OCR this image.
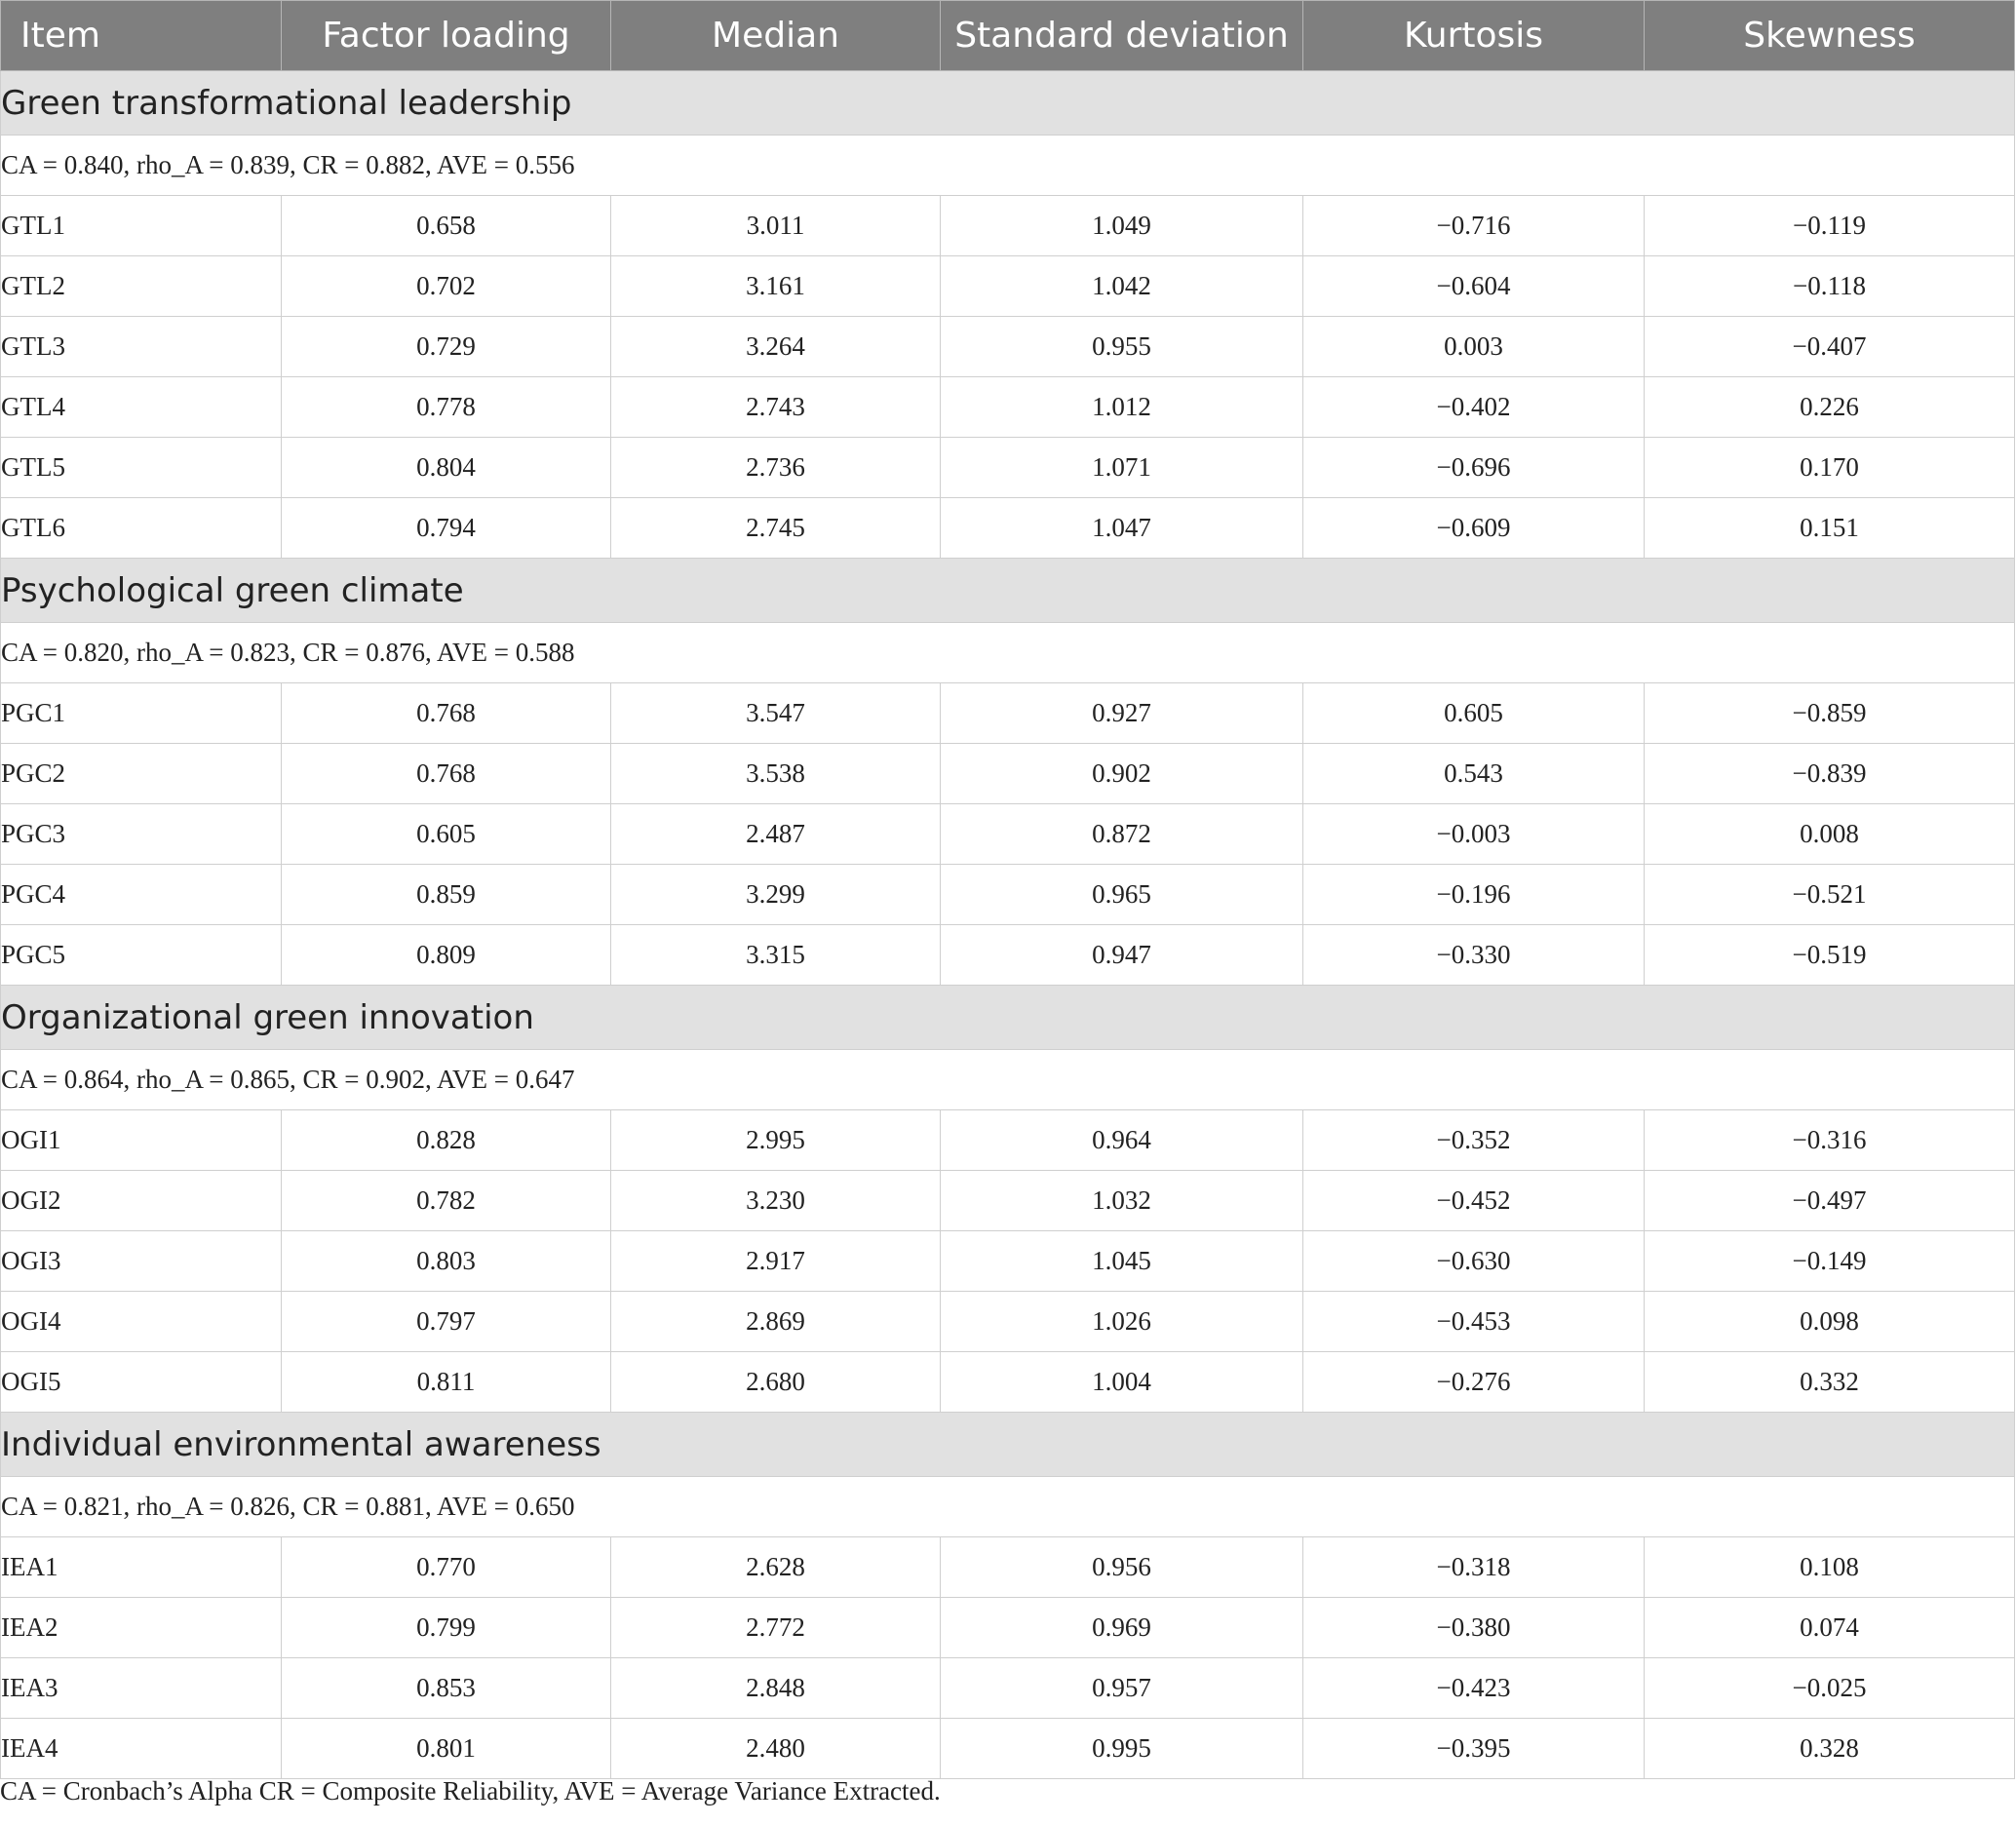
Item	Factor loading	Median	Standard deviation	Kurtosis	Skewness
Green transformational leadership					
CA = 0.840, rho_A = 0.839, CR = 0.882, AVE = 0.556					
GTL1	0.658	3.011	1.049	−0.716	−0.119
GTL2	0.702	3.161	1.042	−0.604	−0.118
GTL3	0.729	3.264	0.955	0.003	−0.407
GTL4	0.778	2.743	1.012	−0.402	0.226
GTL5	0.804	2.736	1.071	−0.696	0.170
GTL6	0.794	2.745	1.047	−0.609	0.151
Psychological green climate					
CA = 0.820, rho_A = 0.823, CR = 0.876, AVE = 0.588					
PGC1	0.768	3.547	0.927	0.605	−0.859
PGC2	0.768	3.538	0.902	0.543	−0.839
PGC3	0.605	2.487	0.872	−0.003	0.008
PGC4	0.859	3.299	0.965	−0.196	−0.521
PGC5	0.809	3.315	0.947	−0.330	−0.519
Organizational green innovation					
CA = 0.864, rho_A = 0.865, CR = 0.902, AVE = 0.647					
OGI1	0.828	2.995	0.964	−0.352	−0.316
OGI2	0.782	3.230	1.032	−0.452	−0.497
OGI3	0.803	2.917	1.045	−0.630	−0.149
OGI4	0.797	2.869	1.026	−0.453	0.098
OGI5	0.811	2.680	1.004	−0.276	0.332
Individual environmental awareness					
CA = 0.821, rho_A = 0.826, CR = 0.881, AVE = 0.650					
IEA1	0.770	2.628	0.956	−0.318	0.108
IEA2	0.799	2.772	0.969	−0.380	0.074
IEA3	0.853	2.848	0.957	−0.423	−0.025
IEA4	0.801	2.480	0.995	−0.395	0.328
CA = Cronbach’s Alpha CR = Composite Reliability, AVE = Average Variance Extracted.
